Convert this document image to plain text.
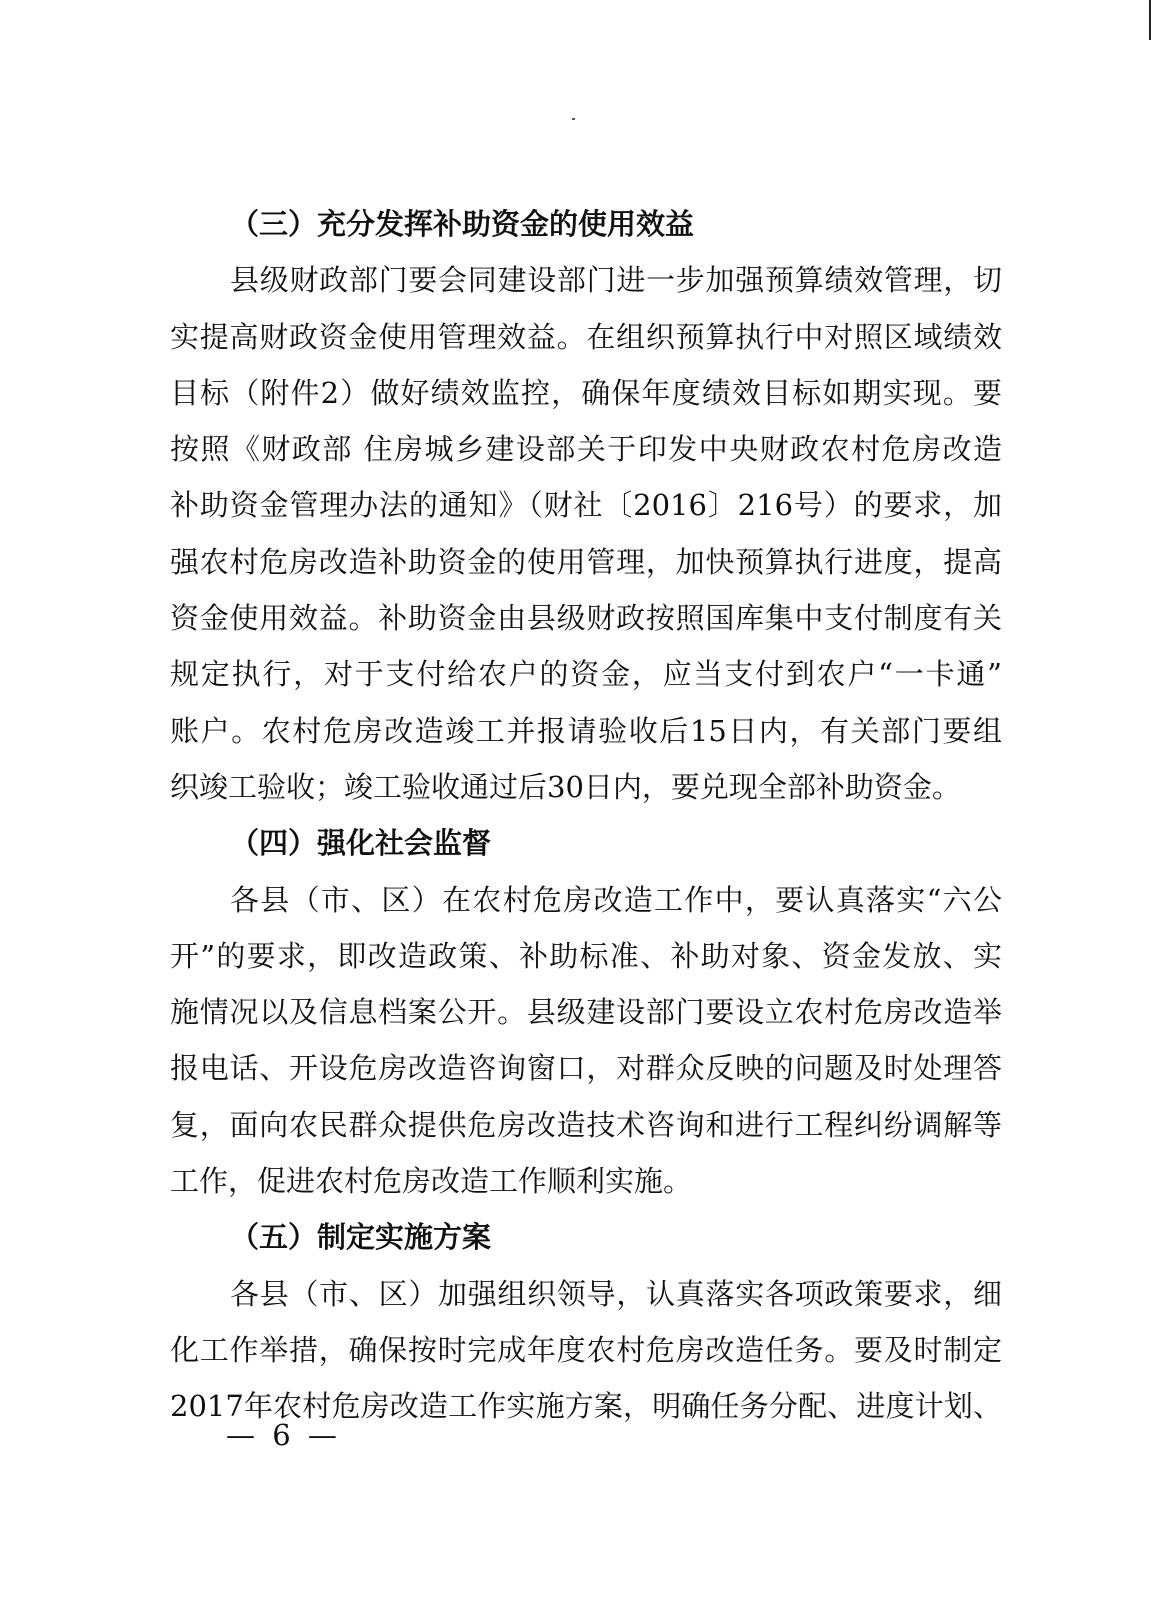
（三）充分发挥补助资金的使用效益
县级财政部门要会同建设部门进一步加强预算绩效管理，切
实提高财政资金使用管理效益。在组织预算执行中对照区域绩效
目标（附件2）做好绩效监控，确保年度绩效目标如期实现。要
按照《财政部 住房城乡建设部关于印发中央财政农村危房改造
补助资金管理办法的通知》（财社〔2016〕216号）的要求，加
强农村危房改造补助资金的使用管理，加快预算执行进度，提高
资金使用效益。补助资金由县级财政按照国库集中支付制度有关
规定执行，对于支付给农户的资金，应当支付到农户“一卡通”
账户。农村危房改造竣工并报请验收后15日内，有关部门要组
织竣工验收；竣工验收通过后30日内，要兑现全部补助资金。
（四）强化社会监督
各县（市、区）在农村危房改造工作中，要认真落实“六公
开”的要求，即改造政策、补助标准、补助对象、资金发放、实
施情况以及信息档案公开。县级建设部门要设立农村危房改造举
报电话、开设危房改造咨询窗口，对群众反映的问题及时处理答
复，面向农民群众提供危房改造技术咨询和进行工程纠纷调解等
工作，促进农村危房改造工作顺利实施。
（五）制定实施方案
各县（市、区）加强组织领导，认真落实各项政策要求，细
化工作举措，确保按时完成年度农村危房改造任务。要及时制定
2017年农村危房改造工作实施方案，明确任务分配、进度计划、
— 6 —
